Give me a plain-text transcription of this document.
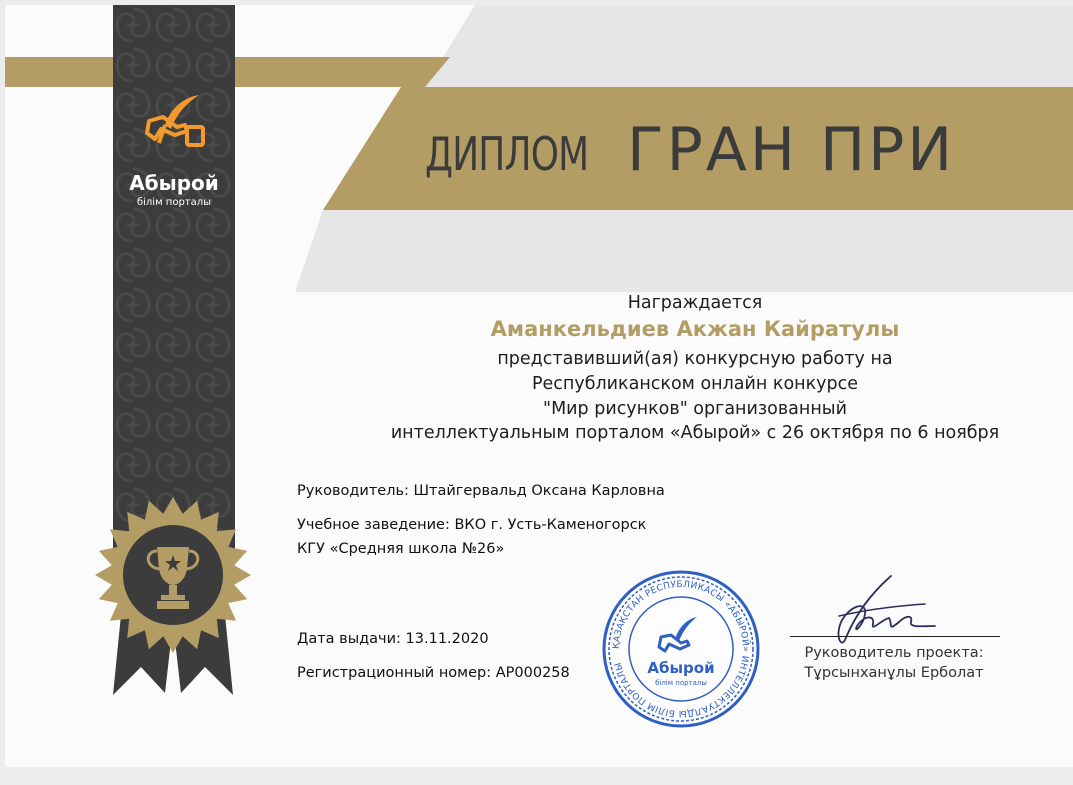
Абырой
білім порталы
ДИПЛОМ ГРАН ПРИ
Награждается
Аманкельдиев Акжан Кайратулы
представивший(ая) конкурсную работу на
Республиканском онлайн конкурсе
"Мир рисунков" организованный
интеллектуальным порталом «Абырой» с 26 октября по 6 ноября
Руководитель: Штайгервальд Оксана Карловна
Учебное заведение: ВКО г. Усть-Каменогорск
КГУ «Средняя школа №26»
Дата выдачи: 13.11.2020
Регистрационный номер: АР000258
ҚАЗАҚСТАН РЕСПУБЛИКАСЫ «АБЫРОЙ» ИНТЕЛЛЕКТУАЛДЫ БІЛІМ ПОРТАЛЫ	Абырой
білім порталы
Руководитель проекта:
Тұрсынханұлы Ерболат
